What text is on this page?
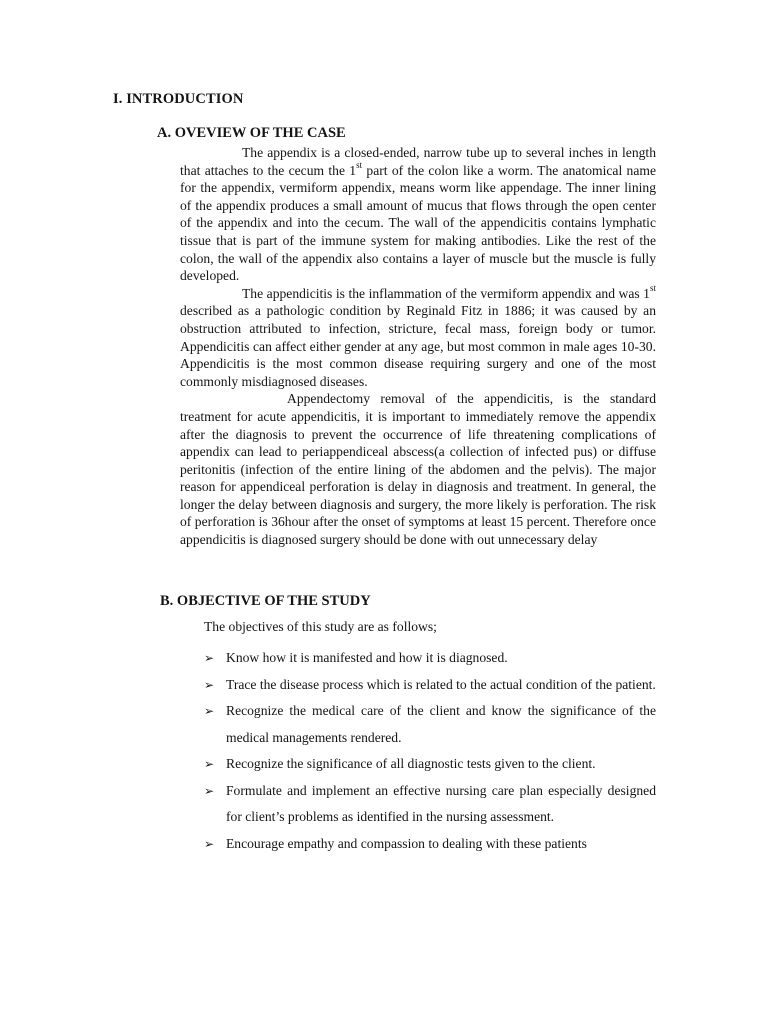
I. INTRODUCTION
A. OVEVIEW OF THE CASE

The appendix is a closed-ended, narrow tube up to several inches in length that attaches to the cecum the 1st part of the colon like a worm. The anatomical name for the appendix, vermiform appendix, means worm like appendage. The inner lining of the appendix produces a small amount of mucus that flows through the open center of the appendix and into the cecum. The wall of the appendicitis contains lymphatic tissue that is part of the immune system for making antibodies. Like the rest of the colon, the wall of the appendix also contains a layer of muscle but the muscle is fully developed.

The appendicitis is the inflammation of the vermiform appendix and was 1st described as a pathologic condition by Reginald Fitz in 1886; it was caused by an obstruction attributed to infection, stricture, fecal mass, foreign body or tumor. Appendicitis can affect either gender at any age, but most common in male ages 10-30. Appendicitis is the most common disease requiring surgery and one of the most commonly misdiagnosed diseases.

Appendectomy removal of the appendicitis, is the standard treatment for acute appendicitis, it is important to immediately remove the appendix after the diagnosis to prevent the occurrence of life threatening complications of appendix can lead to periappendiceal abscess(a collection of infected pus) or diffuse peritonitis (infection of the entire lining of the abdomen and the pelvis). The major reason for appendiceal perforation is delay in diagnosis and treatment. In general, the longer the delay between diagnosis and surgery, the more likely is perforation. The risk of perforation is 36hour after the onset of symptoms at least 15 percent. Therefore once appendicitis is diagnosed surgery should be done with out unnecessary delay

B. OBJECTIVE OF THE STUDY
The objectives of this study are as follows;
➢ Know how it is manifested and how it is diagnosed.
➢ Trace the disease process which is related to the actual condition of the patient.
➢ Recognize the medical care of the client and know the significance of the medical managements rendered.
➢ Recognize the significance of all diagnostic tests given to the client.
➢ Formulate and implement an effective nursing care plan especially designed for client’s problems as identified in the nursing assessment.
➢ Encourage empathy and compassion to dealing with these patients
